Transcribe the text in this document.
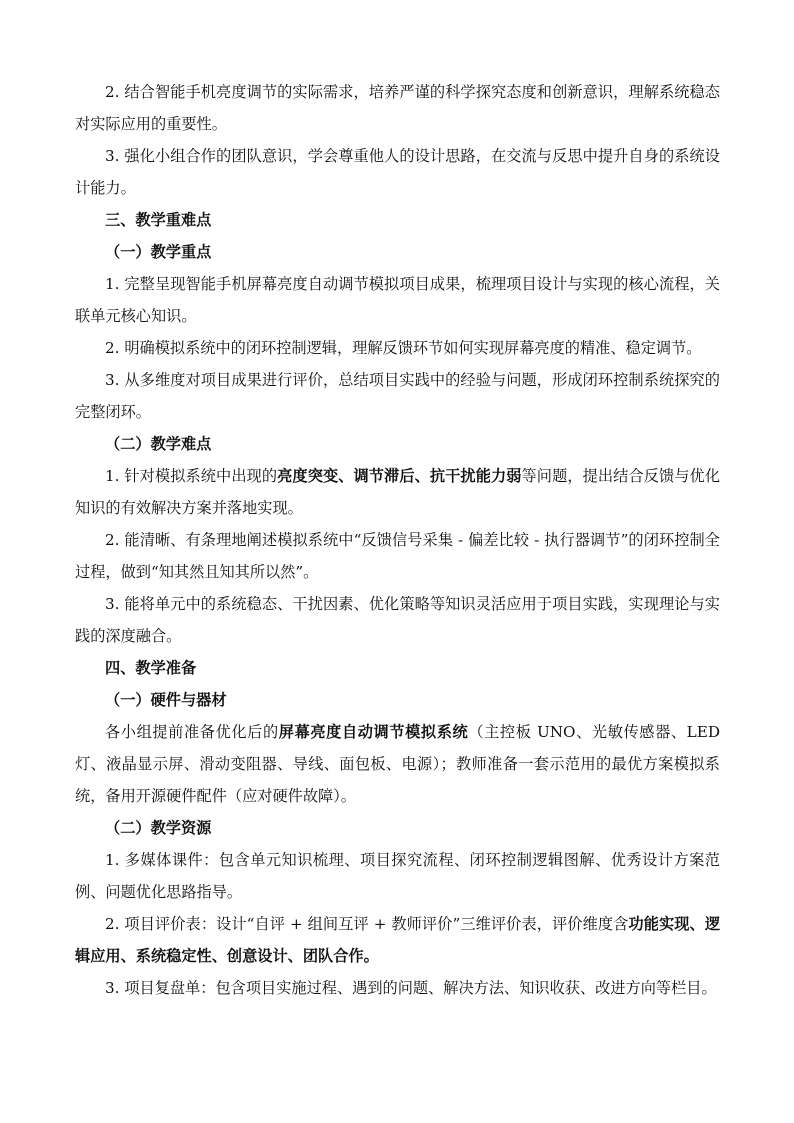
2. 结合智能手机亮度调节的实际需求，培养严谨的科学探究态度和创新意识，理解系统稳态对实际应用的重要性。

3. 强化小组合作的团队意识，学会尊重他人的设计思路，在交流与反思中提升自身的系统设计能力。

三、教学重难点

（一）教学重点

1. 完整呈现智能手机屏幕亮度自动调节模拟项目成果，梳理项目设计与实现的核心流程，关联单元核心知识。

2. 明确模拟系统中的闭环控制逻辑，理解反馈环节如何实现屏幕亮度的精准、稳定调节。

3. 从多维度对项目成果进行评价，总结项目实践中的经验与问题，形成闭环控制系统探究的完整闭环。

（二）教学难点

1. 针对模拟系统中出现的亮度突变、调节滞后、抗干扰能力弱等问题，提出结合反馈与优化知识的有效解决方案并落地实现。

2. 能清晰、有条理地阐述模拟系统中“反馈信号采集 - 偏差比较 - 执行器调节”的闭环控制全过程，做到“知其然且知其所以然”。

3. 能将单元中的系统稳态、干扰因素、优化策略等知识灵活应用于项目实践，实现理论与实践的深度融合。

四、教学准备

（一）硬件与器材

各小组提前准备优化后的屏幕亮度自动调节模拟系统（主控板 UNO、光敏传感器、LED灯、液晶显示屏、滑动变阻器、导线、面包板、电源）；教师准备一套示范用的最优方案模拟系统，备用开源硬件配件（应对硬件故障）。

（二）教学资源

1. 多媒体课件：包含单元知识梳理、项目探究流程、闭环控制逻辑图解、优秀设计方案范例、问题优化思路指导。

2. 项目评价表：设计“自评 + 组间互评 + 教师评价”三维评价表，评价维度含功能实现、逻辑应用、系统稳定性、创意设计、团队合作。

3. 项目复盘单：包含项目实施过程、遇到的问题、解决方法、知识收获、改进方向等栏目。
